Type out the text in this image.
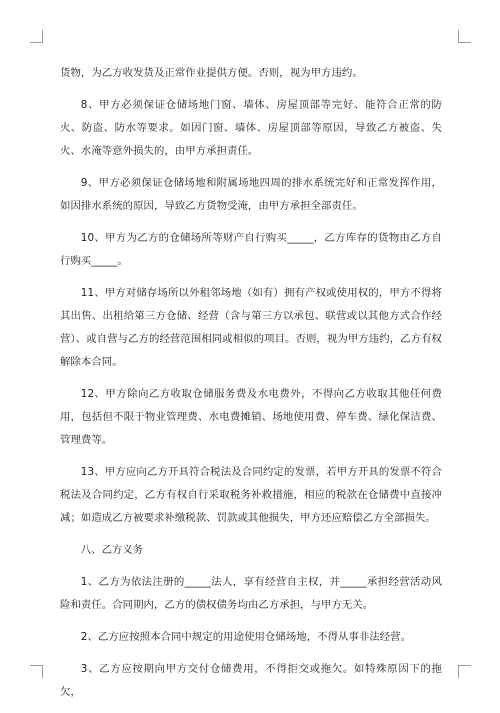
货物，为乙方收发货及正常作业提供方便。否则，视为甲方违约。

8、甲方必须保证仓储场地门窗、墙体、房屋顶部等完好、能符合正常的防火、防盗、防水等要求。如因门窗、墙体、房屋顶部等原因，导致乙方被盗、失火、水淹等意外损失的，由甲方承担责任。

9、甲方必须保证仓储场地和附属场地四周的排水系统完好和正常发挥作用，如因排水系统的原因，导致乙方货物受淹，由甲方承担全部责任。

10、甲方为乙方的仓储场所等财产自行购买_____，乙方库存的货物由乙方自行购买_____。

11、甲方对储存场所以外租邻场地（如有）拥有产权或使用权的，甲方不得将其出售、出租给第三方仓储、经营（含与第三方以承包、联营或以其他方式合作经营）、或自营与乙方的经营范围相同或相似的项目。否则，视为甲方违约，乙方有权解除本合同。

12、甲方除向乙方收取仓储服务费及水电费外，不得向乙方收取其他任何费用，包括但不限于物业管理费、水电费摊销、场地使用费、停车费、绿化保洁费、管理费等。

13、甲方应向乙方开具符合税法及合同约定的发票，若甲方开具的发票不符合税法及合同约定，乙方有权自行采取税务补救措施，相应的税款在仓储费中直接冲减；如造成乙方被要求补缴税款、罚款或其他损失，甲方还应赔偿乙方全部损失。

八、乙方义务

1、乙方为依法注册的_____法人，享有经营自主权，并_____承担经营活动风险和责任。合同期内，乙方的债权债务均由乙方承担，与甲方无关。

2、乙方应按照本合同中规定的用途使用仓储场地，不得从事非法经营。

3、乙方应按期向甲方交付仓储费用，不得拒交或拖欠。如特殊原因下的拖欠，
